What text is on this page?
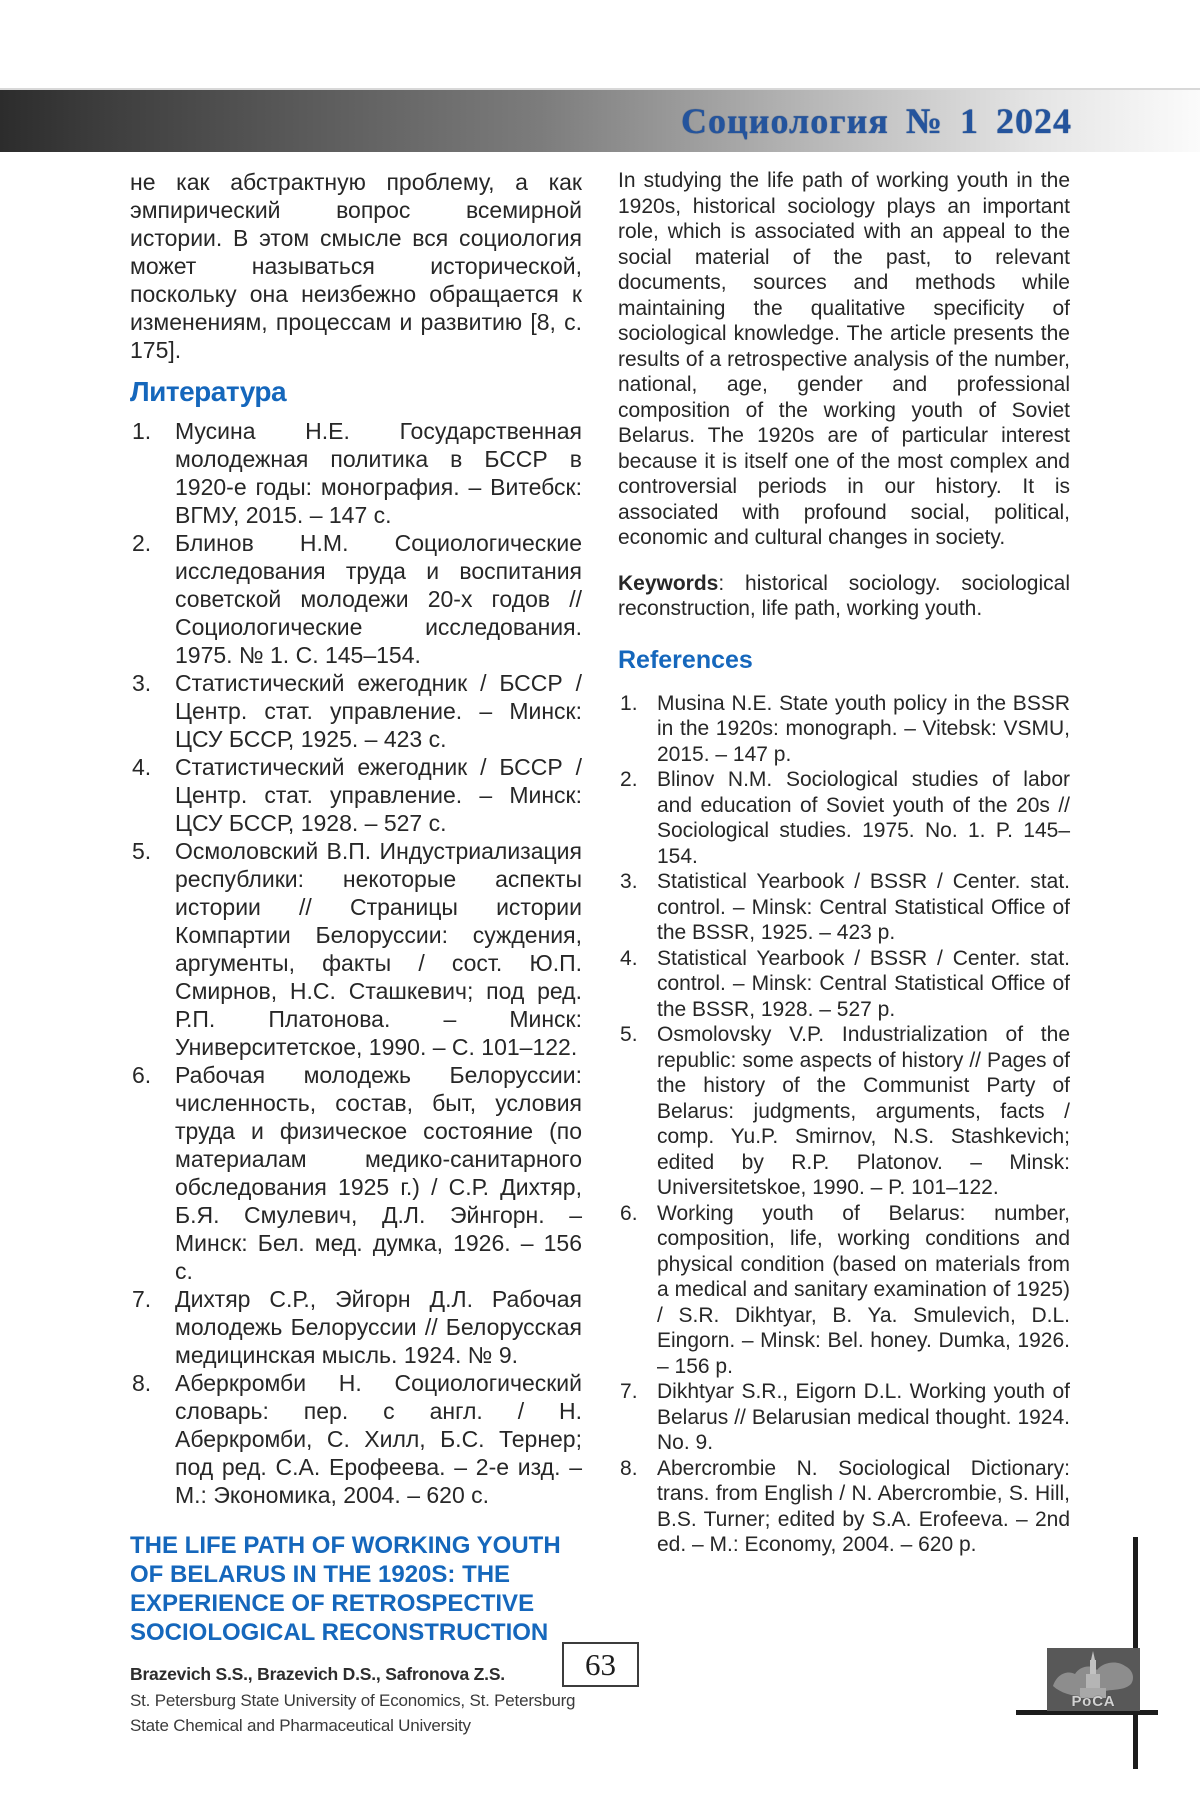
Социология № 1 2024

не как абстрактную проблему, а как эмпирический вопрос всемирной истории. В этом смысле вся социология может называться исторической, поскольку она неизбежно обращается к изменениям, процессам и развитию [8, с. 175].

Литература
Мусина Н.Е. Государственная молодежная политика в БССР в 1920-е годы: монография. – Витебск: ВГМУ, 2015. – 147 с.
Блинов Н.М. Социологические исследования труда и воспитания советской молодежи 20-х годов // Социологические исследования. 1975. № 1. С. 145–154.
Статистический ежегодник / БССР / Центр. стат. управление. – Минск: ЦСУ БССР, 1925. – 423 с.
Статистический ежегодник / БССР / Центр. стат. управление. – Минск: ЦСУ БССР, 1928. – 527 с.
Осмоловский В.П. Индустриализация республики: некоторые аспекты истории // Страницы истории Компартии Белоруссии: суждения, аргументы, факты / сост. Ю.П. Смирнов, Н.С. Сташкевич; под ред. Р.П. Платонова. – Минск: Университетское, 1990. – С. 101–122.
Рабочая молодежь Белоруссии: численность, состав, быт, условия труда и физическое состояние (по материалам медико-санитарного обследования 1925 г.) / С.Р. Дихтяр, Б.Я. Смулевич, Д.Л. Эйнгорн. – Минск: Бел. мед. думка, 1926. – 156 с.
Дихтяр С.Р., Эйгорн Д.Л. Рабочая молодежь Белоруссии // Белорусская медицинская мысль. 1924. № 9.
Аберкромби Н. Социологический словарь: пер. с англ. / Н. Аберкромби, С. Хилл, Б.С. Тернер; под ред. С.А. Ерофеева. – 2-е изд. – М.: Экономика, 2004. – 620 с.
THE LIFE PATH OF WORKING YOUTH OF BELARUS IN THE 1920S: THE EXPERIENCE OF RETROSPECTIVE SOCIOLOGICAL RECONSTRUCTION

Brazevich S.S., Brazevich D.S., Safronova Z.S.

St. Petersburg State University of Economics, St. Petersburg State Chemical and Pharmaceutical University

In studying the life path of working youth in the 1920s, historical sociology plays an important role, which is associated with an appeal to the social material of the past, to relevant documents, sources and methods while maintaining the qualitative specificity of sociological knowledge. The article presents the results of a retrospective analysis of the number, national, age, gender and professional composition of the working youth of Soviet Belarus. The 1920s are of particular interest because it is itself one of the most complex and controversial periods in our history. It is associated with profound social, political, economic and cultural changes in society.

Keywords: historical sociology. sociological reconstruction, life path, working youth.

References
Musina N.E. State youth policy in the BSSR in the 1920s: monograph. – Vitebsk: VSMU, 2015. – 147 p.
Blinov N.M. Sociological studies of labor and education of Soviet youth of the 20s // Sociological studies. 1975. No. 1. P. 145–154.
Statistical Yearbook / BSSR / Center. stat. control. – Minsk: Central Statistical Office of the BSSR, 1925. – 423 p.
Statistical Yearbook / BSSR / Center. stat. control. – Minsk: Central Statistical Office of the BSSR, 1928. – 527 p.
Osmolovsky V.P. Industrialization of the republic: some aspects of history // Pages of the history of the Communist Party of Belarus: judgments, arguments, facts / comp. Yu.P. Smirnov, N.S. Stashkevich; edited by R.P. Platonov. – Minsk: Universitetskoe, 1990. – P. 101–122.
Working youth of Belarus: number, composition, life, working conditions and physical condition (based on materials from a medical and sanitary examination of 1925) / S.R. Dikhtyar, B. Ya. Smulevich, D.L. Eingorn. – Minsk: Bel. honey. Dumka, 1926. – 156 p.
Dikhtyar S.R., Eigorn D.L. Working youth of Belarus // Belarusian medical thought. 1924. No. 9.
Abercrombie N. Sociological Dictionary: trans. from English / N. Abercrombie, S. Hill, B.S. Turner; edited by S.A. Erofeeva. – 2nd ed. – M.: Economy, 2004. – 620 p.
63
РоСА
